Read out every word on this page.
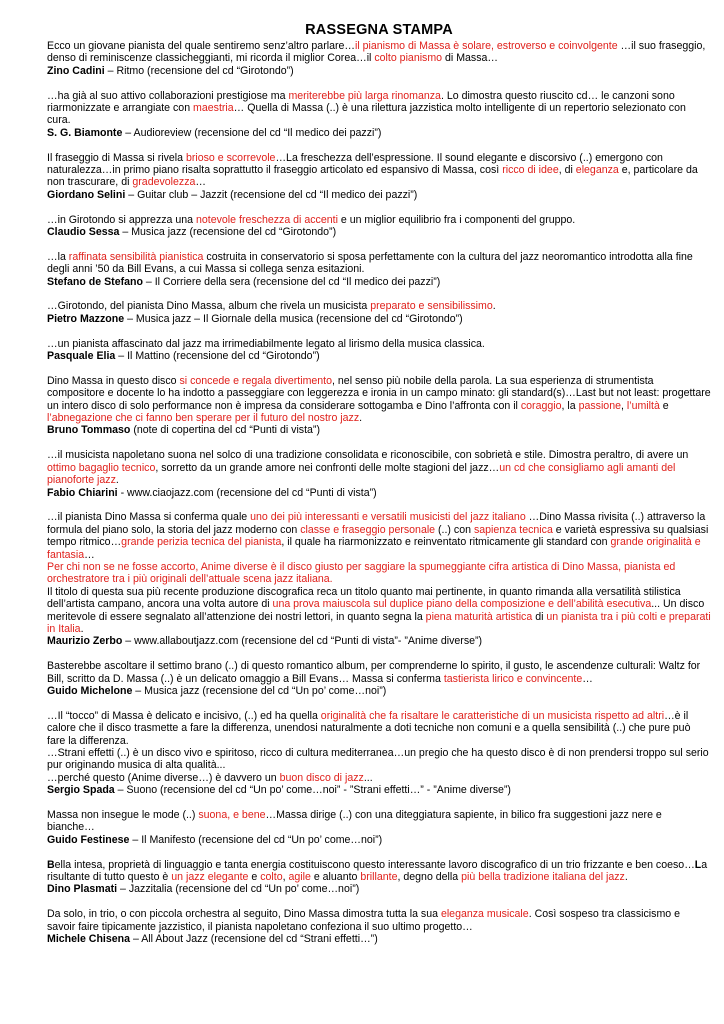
RASSEGNA STAMPA

Ecco un giovane pianista del quale sentiremo senz’altro parlare…il pianismo di Massa è solare, estroverso e coinvolgente …il suo fraseggio, denso di reminiscenze classicheggianti, mi ricorda il miglior Corea…il colto pianismo di Massa…

Zino Cadini – Ritmo (recensione del cd “Girotondo”)

…ha già al suo attivo collaborazioni prestigiose ma meriterebbe più larga rinomanza. Lo dimostra questo riuscito cd… le canzoni sono riarmonizzate e arrangiate con maestria… Quella di Massa (..) è una rilettura jazzistica molto intelligente di un repertorio selezionato con cura.

S. G. Biamonte – Audioreview (recensione del cd “Il medico dei pazzi”)

Il fraseggio di Massa si rivela brioso e scorrevole…La freschezza dell’espressione. Il sound elegante e discorsivo (..) emergono con naturalezza…in primo piano risalta soprattutto il fraseggio articolato ed espansivo di Massa, così ricco di idee, di eleganza e, particolare da non trascurare, di gradevolezza…

Giordano Selini – Guitar club – Jazzit (recensione del cd “Il medico dei pazzi”)

…in Girotondo si apprezza una notevole freschezza di accenti e un miglior equilibrio fra i componenti del gruppo.

Claudio Sessa – Musica jazz (recensione del cd “Girotondo”)

…la raffinata sensibilità pianistica costruita in conservatorio si sposa perfettamente con la cultura del jazz neoromantico introdotta alla fine degli anni ’50 da Bill Evans, a cui Massa si collega senza esitazioni.

Stefano de Stefano – Il Corriere della sera (recensione del cd “Il medico dei pazzi”)

…Girotondo, del pianista Dino Massa, album che rivela un musicista preparato e sensibilissimo.

Pietro Mazzone – Musica jazz – Il Giornale della musica (recensione del cd “Girotondo”)

…un pianista affascinato dal jazz ma irrimediabilmente legato al lirismo della musica classica.

Pasquale Elia – Il Mattino (recensione del cd “Girotondo”)

Dino Massa in questo disco si concede e regala divertimento, nel senso più nobile della parola. La sua esperienza di strumentista compositore e docente lo ha indotto a passeggiare con leggerezza e ironia in un campo minato: gli standard(s)…Last but not least: progettare un intero disco di solo performance non è impresa da considerare sottogamba e Dino l’affronta con il coraggio, la passione, l’umiltà e l’abnegazione che ci fanno ben sperare per il futuro del nostro jazz.

Bruno Tommaso (note di copertina del cd “Punti di vista”)

…il musicista napoletano suona nel solco di una tradizione consolidata e riconoscibile, con sobrietà e stile. Dimostra peraltro, di avere un ottimo bagaglio tecnico, sorretto da un grande amore nei confronti delle molte stagioni del jazz…un cd che consigliamo agli amanti del pianoforte jazz.

Fabio Chiarini - www.ciaojazz.com (recensione del cd “Punti di vista”)

…il pianista Dino Massa si conferma quale uno dei più interessanti e versatili musicisti del jazz italiano …Dino Massa rivisita (..) attraverso la formula del piano solo, la storia del jazz moderno con classe e fraseggio personale (..) con sapienza tecnica e varietà espressiva su qualsiasi tempo ritmico…grande perizia tecnica del pianista, il quale ha riarmonizzato e reinventato ritmicamente gli standard con grande originalità e fantasia…

Per chi non se ne fosse accorto, Anime diverse è il disco giusto per saggiare la spumeggiante cifra artistica di Dino Massa, pianista ed orchestratore tra i più originali dell’attuale scena jazz italiana.

Il titolo di questa sua più recente produzione discografica reca un titolo quanto mai pertinente, in quanto rimanda alla versatilità stilistica dell’artista campano, ancora una volta autore di una prova maiuscola sul duplice piano della composizione e dell’abilità esecutiva... Un disco meritevole di essere segnalato all’attenzione dei nostri lettori, in quanto segna la piena maturità artistica di un pianista tra i più colti e preparati in Italia.

Maurizio Zerbo – www.allaboutjazz.com (recensione del cd “Punti di vista”- ”Anime diverse”)

Basterebbe ascoltare il settimo brano (..) di questo romantico album, per comprenderne lo spirito, il gusto, le ascendenze culturali: Waltz for Bill, scritto da D. Massa (..) è un delicato omaggio a Bill Evans… Massa si conferma tastierista lirico e convincente…

Guido Michelone – Musica jazz (recensione del cd “Un po’ come…noi”)

…Il “tocco” di Massa è delicato e incisivo, (..) ed ha quella originalità che fa risaltare le caratteristiche di un musicista rispetto ad altri…è il calore che il disco trasmette a fare la differenza, unendosi naturalmente a doti tecniche non comuni e a quella sensibilità (..) che pure può fare la differenza.

…Strani effetti (..) è un disco vivo e spiritoso, ricco di cultura mediterranea…un pregio che ha questo disco è di non prendersi troppo sul serio pur originando musica di alta qualità...

…perché questo (Anime diverse…) è davvero un buon disco di jazz...

Sergio Spada – Suono (recensione del cd “Un po’ come…noi” - ”Strani effetti…” - ”Anime diverse”)

Massa non insegue le mode (..) suona, e bene…Massa dirige (..) con una diteggiatura sapiente, in bilico fra suggestioni jazz nere e bianche…

Guido Festinese – Il Manifesto (recensione del cd “Un po’ come…noi”)

Bella intesa, proprietà di linguaggio e tanta energia costituiscono questo interessante lavoro discografico di un trio frizzante e ben coeso…La risultante di tutto questo è un jazz elegante e colto, agile e aluanto brillante, degno della più bella tradizione italiana del jazz.

Dino Plasmati – Jazzitalia (recensione del cd “Un po’ come…noi”)

Da solo, in trio, o con piccola orchestra al seguito, Dino Massa dimostra tutta la sua eleganza musicale. Così sospeso tra classicismo e savoir faire tipicamente jazzistico, il pianista napoletano confeziona il suo ultimo progetto…

Michele Chisena – All About Jazz (recensione del cd “Strani effetti…”)
